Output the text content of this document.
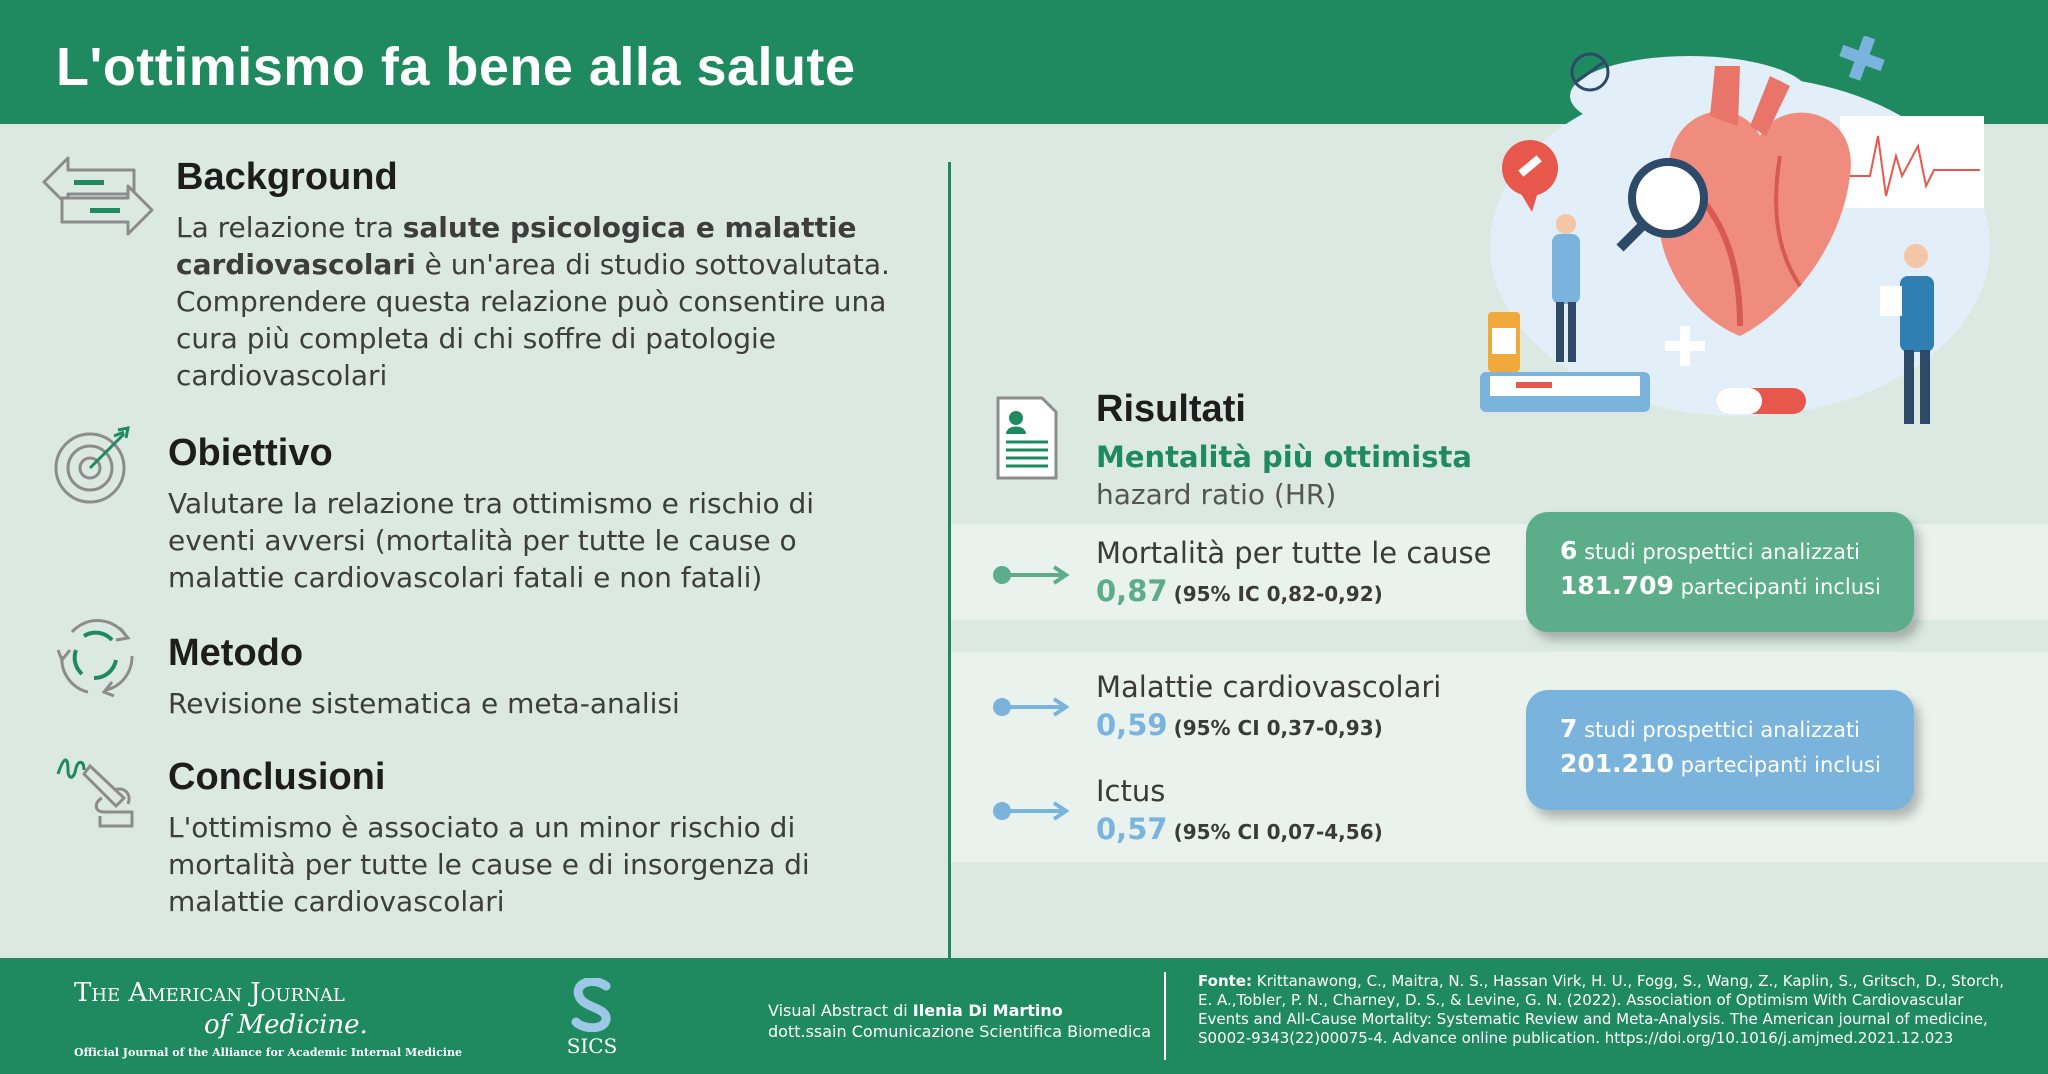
L'ottimismo fa bene alla salute
Background

La relazione tra salute psicologica e malattie cardiovascolari è un'area di studio sottovalutata. Comprendere questa relazione può consentire una cura più completa di chi soffre di patologie cardiovascolari

Obiettivo

Valutare la relazione tra ottimismo e rischio di eventi avversi (mortalità per tutte le cause o malattie cardiovascolari fatali e non fatali)

Metodo

Revisione sistematica e meta-analisi

Conclusioni

L'ottimismo è associato a un minor rischio di mortalità per tutte le cause e di insorgenza di malattie cardiovascolari

Risultati
Mentalità più ottimista
hazard ratio (HR)
Mortalità per tutte le cause
0,87 (95% IC 0,82-0,92)
Malattie cardiovascolari
0,59 (95% CI 0,37-0,93)
Ictus
0,57 (95% CI 0,07-4,56)
6 studi prospettici analizzati
181.709 partecipanti inclusi
7 studi prospettici analizzati
201.210 partecipanti inclusi
The American Journal
of Medicine.
Official Journal of the Alliance for Academic Internal Medicine	SICS
Visual Abstract di Ilenia Di Martino
dott.ssain Comunicazione Scientifica Biomedica
Fonte: Krittanawong, C., Maitra, N. S., Hassan Virk, H. U., Fogg, S., Wang, Z., Kaplin, S., Gritsch, D., Storch, E. A.,Tobler, P. N., Charney, D. S., & Levine, G. N. (2022). Association of Optimism With Cardiovascular Events and All-Cause Mortality: Systematic Review and Meta-Analysis. The American journal of medicine, S0002-9343(22)00075-4. Advance online publication. https://doi.org/10.1016/j.amjmed.2021.12.023
